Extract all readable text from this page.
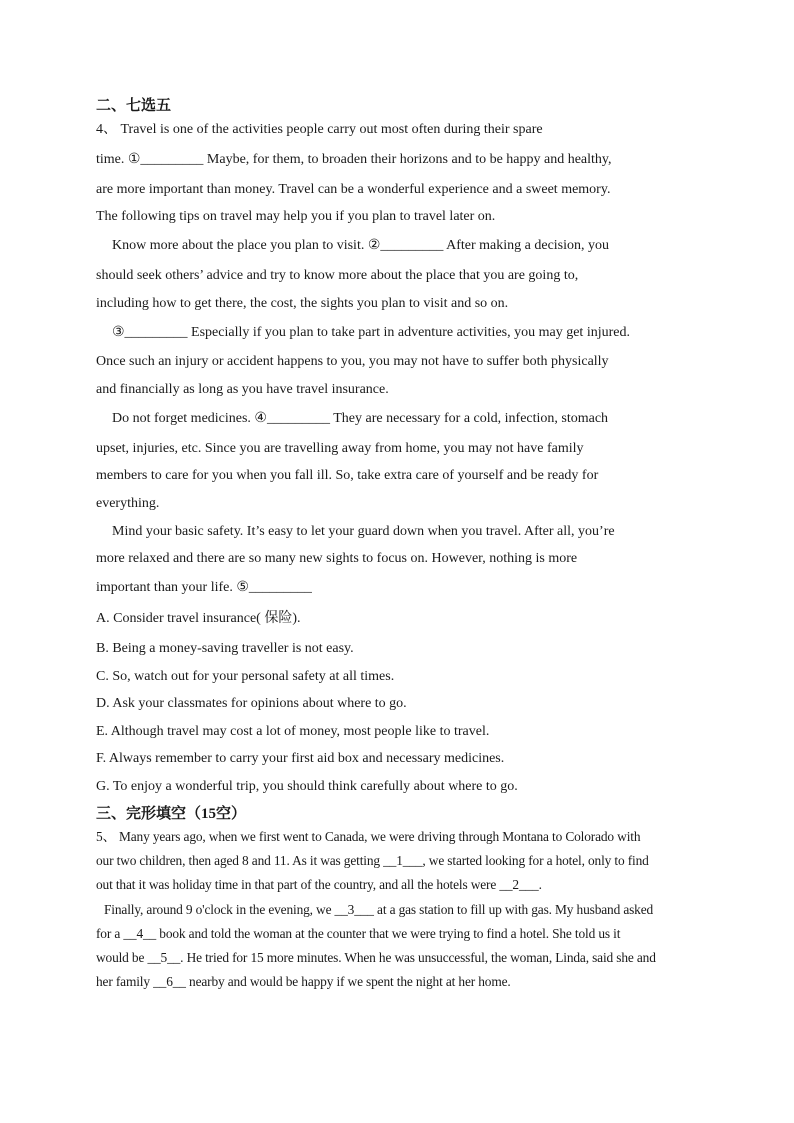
二、七选五
4、 Travel is one of the activities people carry out most often during their spare
time. ①_________ Maybe, for them, to broaden their horizons and to be happy and healthy,
are more important than money. Travel can be a wonderful experience and a sweet memory.
The following tips on travel may help you if you plan to travel later on.
Know more about the place you plan to visit. ②_________ After making a decision, you
should seek others’ advice and try to know more about the place that you are going to,
including how to get there, the cost, the sights you plan to visit and so on.
③_________ Especially if you plan to take part in adventure activities, you may get injured.
Once such an injury or accident happens to you, you may not have to suffer both physically
and financially as long as you have travel insurance.
Do not forget medicines. ④_________ They are necessary for a cold, infection, stomach
upset, injuries, etc. Since you are travelling away from home, you may not have family
members to care for you when you fall ill. So, take extra care of yourself and be ready for
everything.
Mind your basic safety. It’s easy to let your guard down when you travel. After all, you’re
more relaxed and there are so many new sights to focus on. However, nothing is more
important than your life. ⑤_________
A. Consider travel insurance( 保险).
B. Being a money-saving traveller is not easy.
C. So, watch out for your personal safety at all times.
D. Ask your classmates for opinions about where to go.
E. Although travel may cost a lot of money, most people like to travel.
F. Always remember to carry your first aid box and necessary medicines.
G. To enjoy a wonderful trip, you should think carefully about where to go.
三、完形填空（15空）
5、 Many years ago, when we first went to Canada, we were driving through Montana to Colorado with
our two children, then aged 8 and 11. As it was getting __1___, we started looking for a hotel, only to find
out that it was holiday time in that part of the country, and all the hotels were __2___.
Finally, around 9 o'clock in the evening, we __3___ at a gas station to fill up with gas. My husband asked
for a __4__ book and told the woman at the counter that we were trying to find a hotel. She told us it
would be __5__. He tried for 15 more minutes. When he was unsuccessful, the woman, Linda, said she and
her family __6__ nearby and would be happy if we spent the night at her home.
